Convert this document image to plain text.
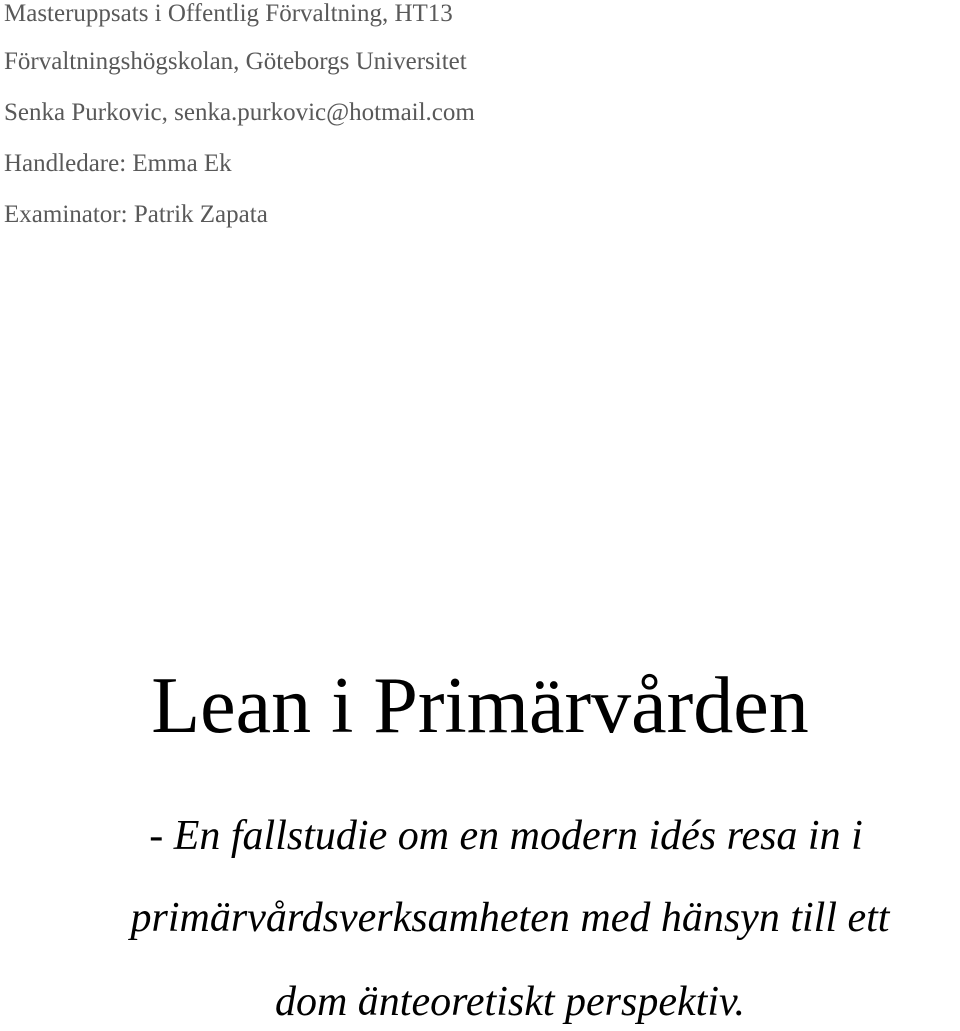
Masteruppsats i Offentlig Förvaltning, HT13
Förvaltningshögskolan, Göteborgs Universitet
Senka Purkovic, senka.purkovic@hotmail.com
Handledare: Emma Ek
Examinator: Patrik Zapata
Lean i Primärvården
- En fallstudie om en modern idés resa in i
primärvårdsverksamheten med hänsyn till ett
dom änteoretiskt perspektiv.
